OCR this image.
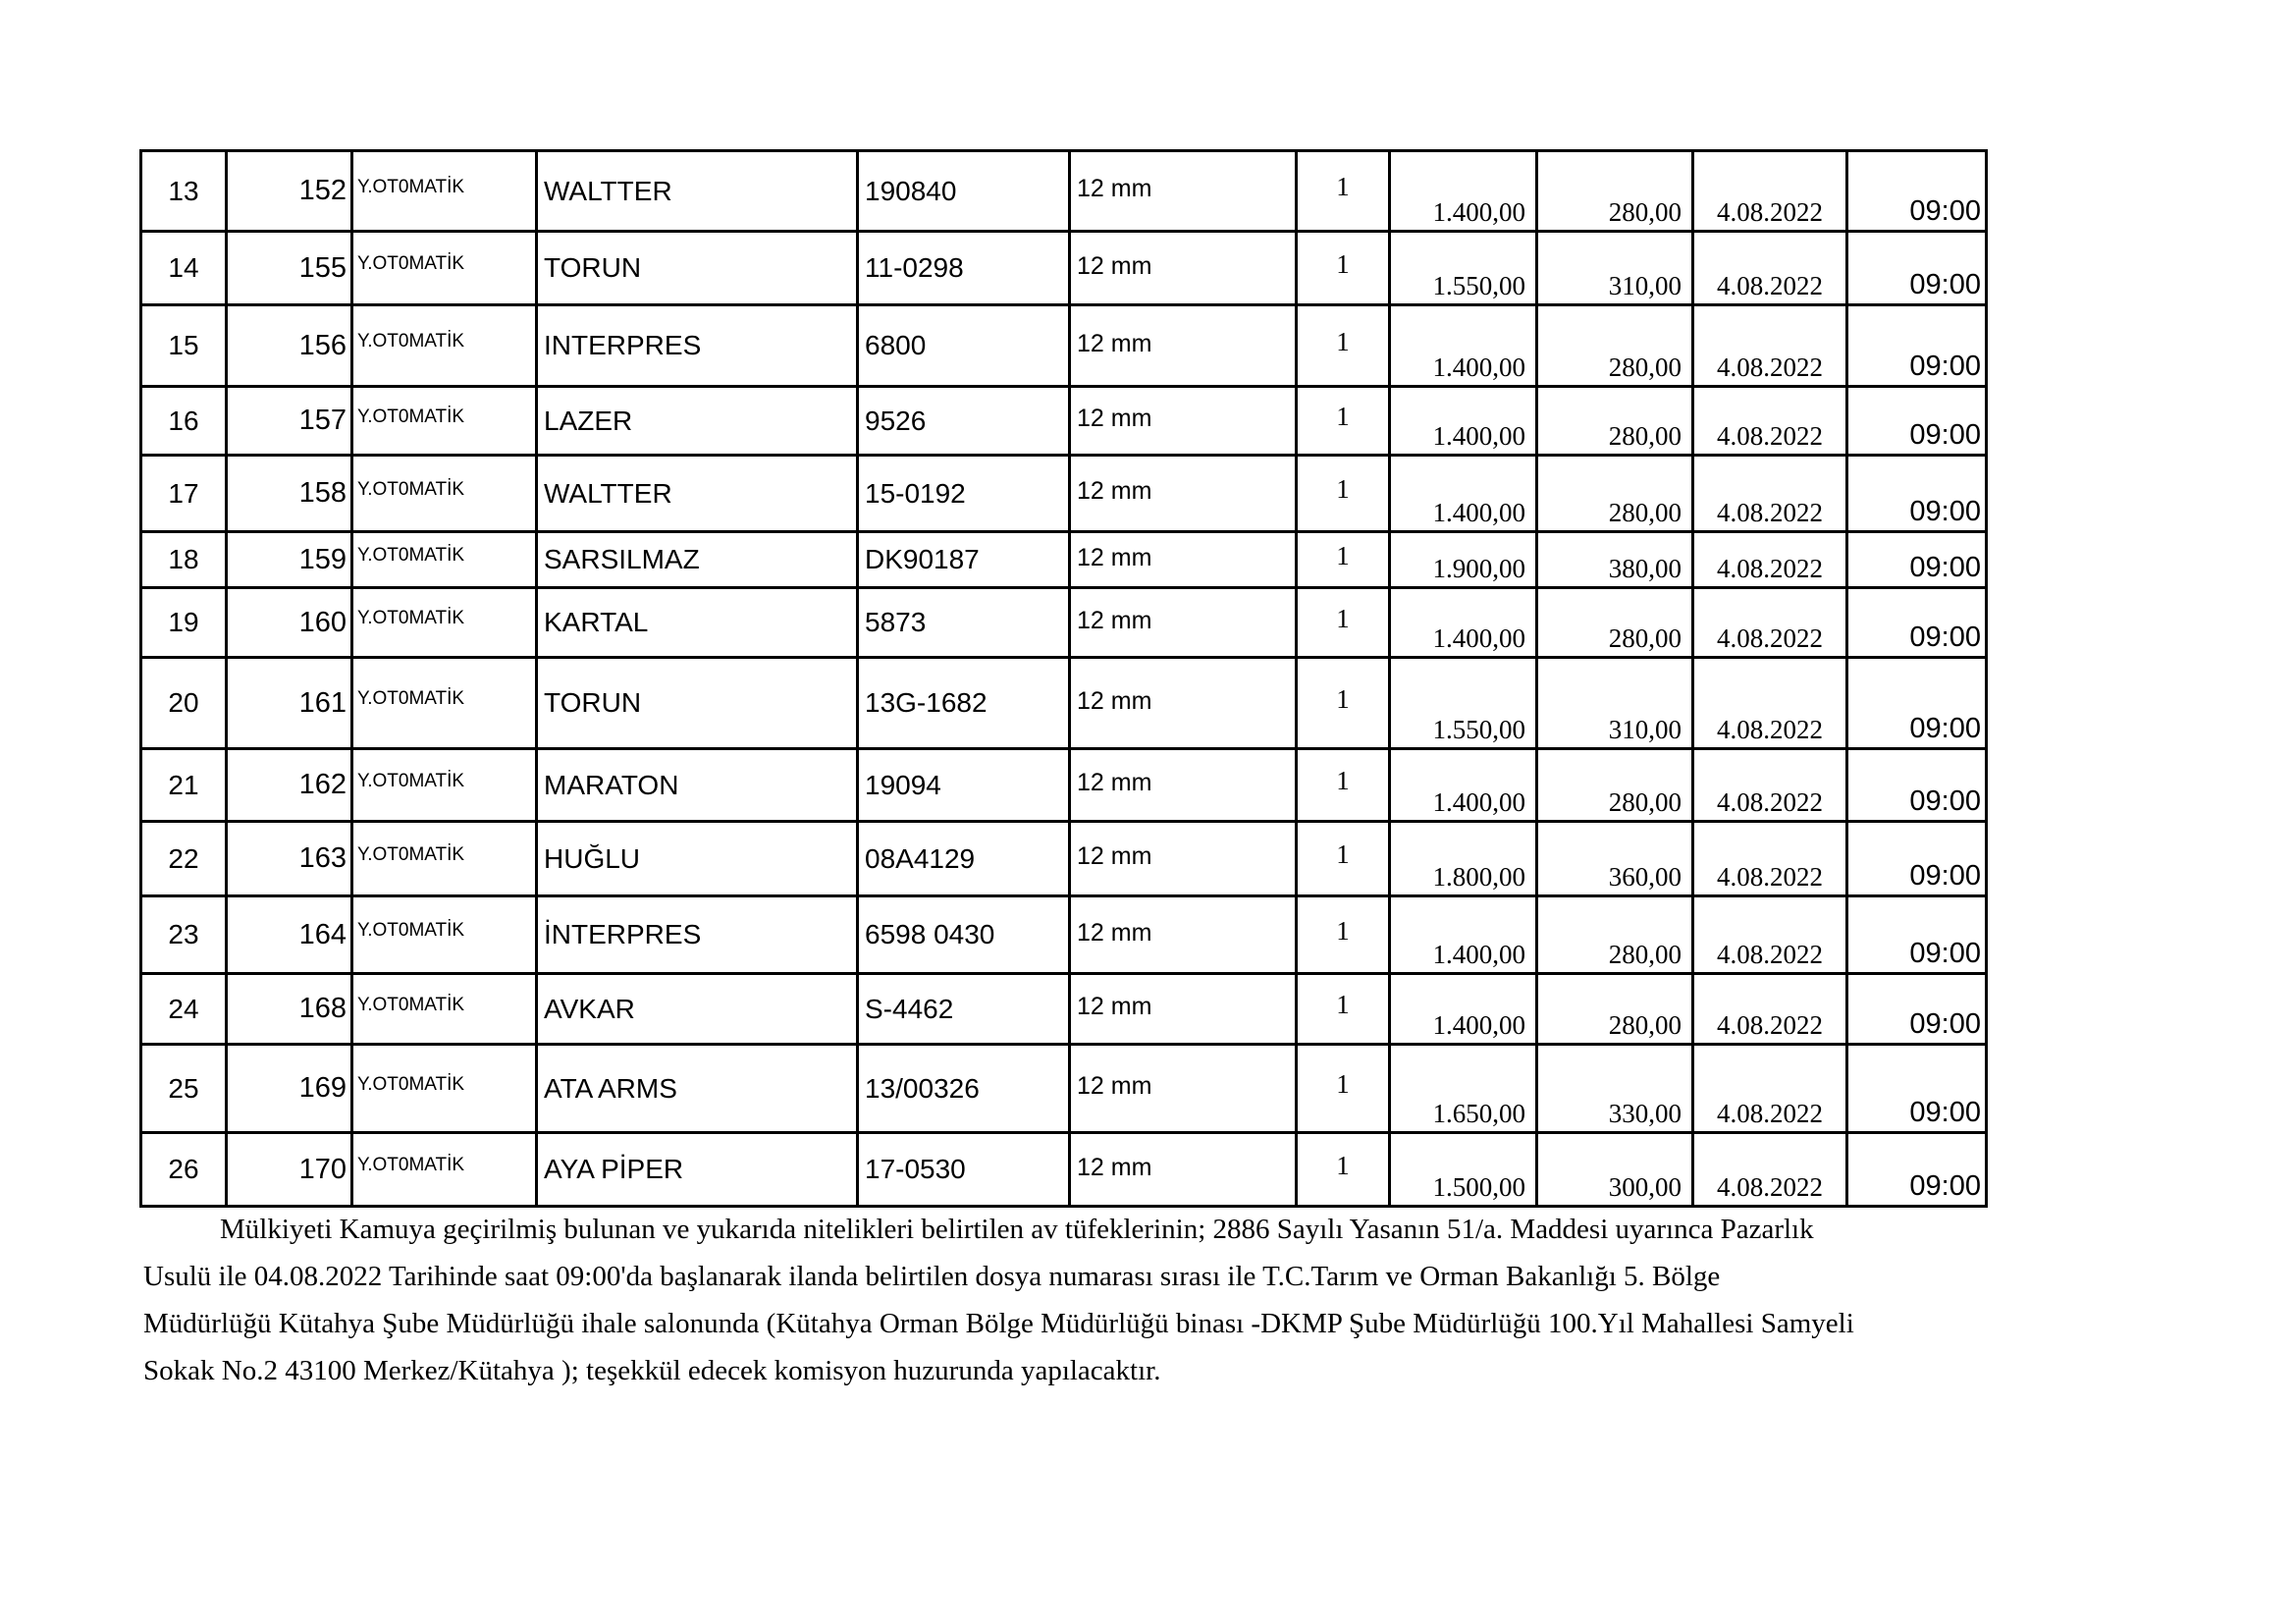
13	152	Y.OT0MATİK	WALTTER	190840	12 mm	1	1.400,00	280,00	4.08.2022	09:00
14	155	Y.OT0MATİK	TORUN	11-0298	12 mm	1	1.550,00	310,00	4.08.2022	09:00
15	156	Y.OT0MATİK	INTERPRES	6800	12 mm	1	1.400,00	280,00	4.08.2022	09:00
16	157	Y.OT0MATİK	LAZER	9526	12 mm	1	1.400,00	280,00	4.08.2022	09:00
17	158	Y.OT0MATİK	WALTTER	15-0192	12 mm	1	1.400,00	280,00	4.08.2022	09:00
18	159	Y.OT0MATİK	SARSILMAZ	DK90187	12 mm	1	1.900,00	380,00	4.08.2022	09:00
19	160	Y.OT0MATİK	KARTAL	5873	12 mm	1	1.400,00	280,00	4.08.2022	09:00
20	161	Y.OT0MATİK	TORUN	13G-1682	12 mm	1	1.550,00	310,00	4.08.2022	09:00
21	162	Y.OT0MATİK	MARATON	19094	12 mm	1	1.400,00	280,00	4.08.2022	09:00
22	163	Y.OT0MATİK	HUĞLU	08A4129	12 mm	1	1.800,00	360,00	4.08.2022	09:00
23	164	Y.OT0MATİK	İNTERPRES	6598 0430	12 mm	1	1.400,00	280,00	4.08.2022	09:00
24	168	Y.OT0MATİK	AVKAR	S-4462	12 mm	1	1.400,00	280,00	4.08.2022	09:00
25	169	Y.OT0MATİK	ATA ARMS	13/00326	12 mm	1	1.650,00	330,00	4.08.2022	09:00
26	170	Y.OT0MATİK	AYA PİPER	17-0530	12 mm	1	1.500,00	300,00	4.08.2022	09:00

Mülkiyeti Kamuya geçirilmiş bulunan ve yukarıda nitelikleri belirtilen av tüfeklerinin; 2886 Sayılı Yasanın 51/a. Maddesi uyarınca Pazarlık

Usulü ile 04.08.2022 Tarihinde saat 09:00'da başlanarak ilanda belirtilen dosya numarası sırası ile T.C.Tarım ve Orman Bakanlığı 5. Bölge
Müdürlüğü Kütahya Şube Müdürlüğü ihale salonunda (Kütahya Orman Bölge Müdürlüğü binası -DKMP Şube Müdürlüğü 100.Yıl Mahallesi Samyeli
Sokak No.2 43100 Merkez/Kütahya ); teşekkül edecek komisyon huzurunda yapılacaktır.
